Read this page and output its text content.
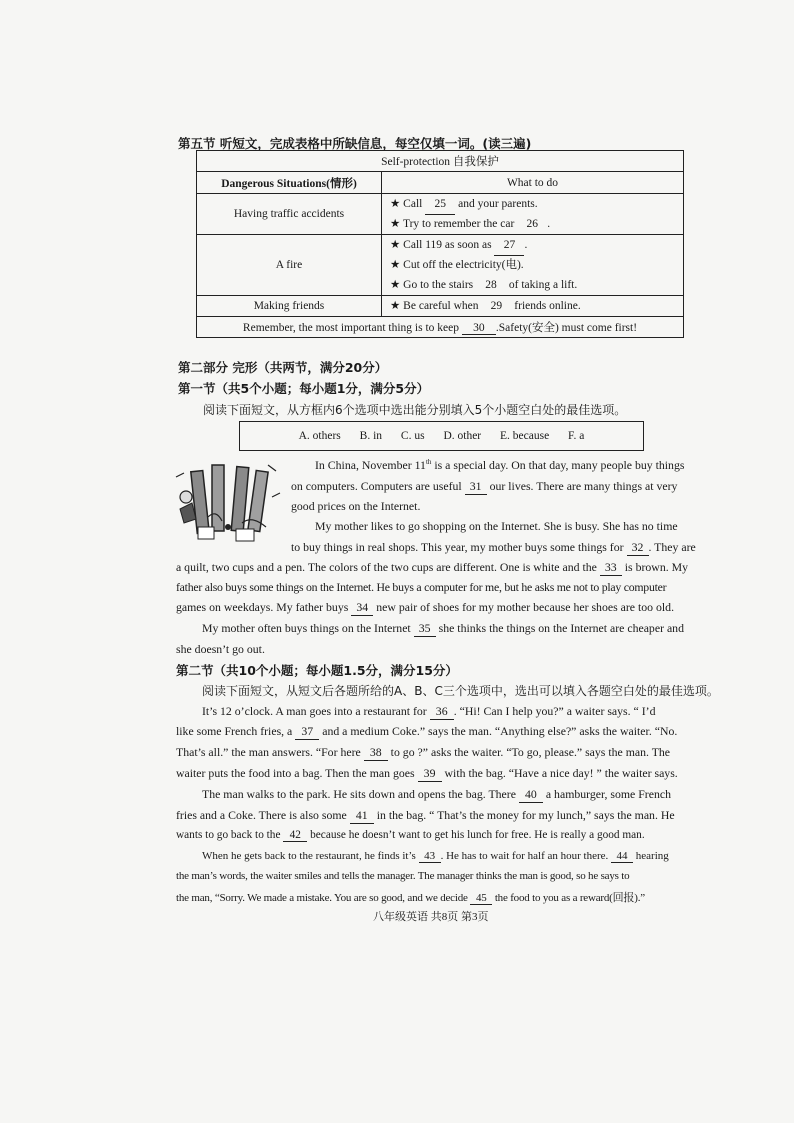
第五节 听短文，完成表格中所缺信息，每空仅填一词。(读三遍)
Self-protection 自我保护	
Dangerous Situations(情形)	What to do
Having traffic accidents	★ Call 25 and your parents.
★ Try to remember the car 26 .

A fire	★ Call 119 as soon as 27 .
★ Cut off the electricity(电).
★ Go to the stairs 28 of taking a lift.

Making friends	★ Be careful when 29 friends online.

Remember, the most important thing is to keep 30 .Safety(安全) must come first!	
第二部分 完形（共两节，满分20分）
第一节（共5个小题；每小题1分，满分5分）
阅读下面短文，从方框内6个选项中选出能分别填入5个小题空白处的最佳选项。
A. others B. in C. us D. other E. because F. a
In China, November 11th is a special day. On that day, many people buy things
on computers. Computers are useful 31 our lives. There are many things at very
good prices on the Internet.
My mother likes to go shopping on the Internet. She is busy. She has no time
to buy things in real shops. This year, my mother buys some things for 32 . They are
a quilt, two cups and a pen. The colors of the two cups are different. One is white and the 33 is brown. My
father also buys some things on the Internet. He buys a computer for me, but he asks me not to play computer
games on weekdays. My father buys 34 new pair of shoes for my mother because her shoes are too old.
My mother often buys things on the Internet 35 she thinks the things on the Internet are cheaper and
she doesn’t go out.
第二节（共10个小题；每小题1.5分，满分15分）
阅读下面短文，从短文后各题所给的A、B、C三个选项中，选出可以填入各题空白处的最佳选项。
It’s 12 o’clock. A man goes into a restaurant for 36 . “Hi! Can I help you?” a waiter says. “ I’d
like some French fries, a 37 and a medium Coke.” says the man. “Anything else?” asks the waiter. “No.
That’s all.” the man answers. “For here 38 to go ?” asks the waiter. “To go, please.” says the man. The
waiter puts the food into a bag. Then the man goes 39 with the bag. “Have a nice day! ” the waiter says.
The man walks to the park. He sits down and opens the bag. There 40 a hamburger, some French
fries and a Coke. There is also some 41 in the bag. “ That’s the money for my lunch,” says the man. He
wants to go back to the 42 because he doesn’t want to get his lunch for free. He is really a good man.
When he gets back to the restaurant, he finds it’s 43 . He has to wait for half an hour there. 44 hearing
the man’s words, the waiter smiles and tells the manager. The manager thinks the man is good, so he says to
the man, “Sorry. We made a mistake. You are so good, and we decide 45 the food to you as a reward(回报).”
八年级英语 共8页 第3页
